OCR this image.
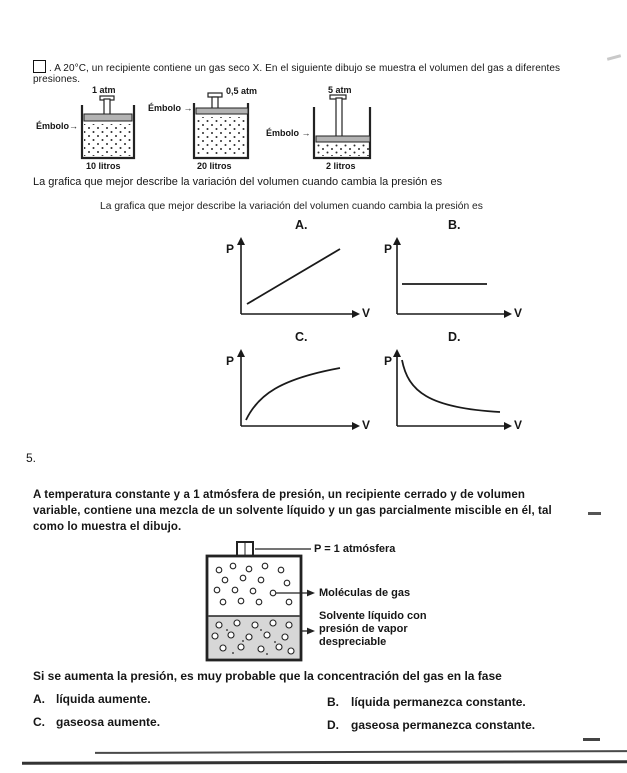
. A 20°C, un recipiente contiene un gas seco X. En el siguiente dibujo se muestra el volumen del gas a diferentes
presiones.
1 atm	0,5 atm	5 atm
Émbolo→
Émbolo →
Émbolo →
10 litros	20 litros	2 litros
La grafica que mejor describe la variación del volumen cuando cambia la presión es
La grafica que mejor describe la variación del volumen cuando cambia la presión es
A.	B.
C.	D.
P
V
P
V
P
V
P
V
5.
A temperatura constante y a 1 atmósfera de presión, un recipiente cerrado y de volumen
variable, contiene una mezcla de un solvente líquido y un gas parcialmente miscible en él, tal
como lo muestra el dibujo.
P = 1 atmósfera
Moléculas de gas
Solvente líquido con
presión de vapor
despreciable
Si se aumenta la presión, es muy probable que la concentración del gas en la fase
A. líquida aumente.	B. líquida permanezca constante.
C. gaseosa aumente.	D. gaseosa permanezca constante.
